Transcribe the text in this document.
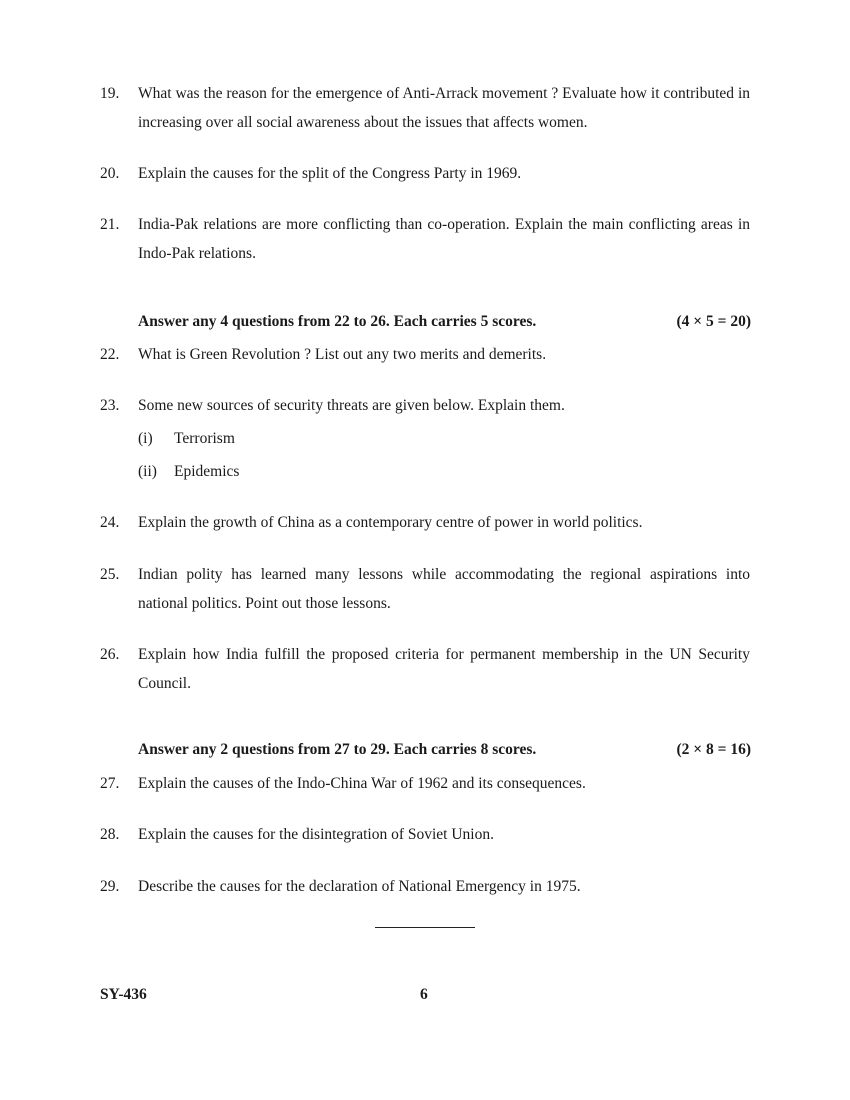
19.	What was the reason for the emergence of Anti-Arrack movement ? Evaluate how it contributed in increasing over all social awareness about the issues that affects women.
20.	Explain the causes for the split of the Congress Party in 1969.
21.	India-Pak relations are more conflicting than co-operation. Explain the main conflicting areas in Indo-Pak relations.
Answer any 4 questions from 22 to 26. Each carries 5 scores.	(4 × 5 = 20)
22.	What is Green Revolution ? List out any two merits and demerits.
23.	Some new sources of security threats are given below. Explain them.
(i) Terrorism
(ii) Epidemics
24.	Explain the growth of China as a contemporary centre of power in world politics.
25.	Indian polity has learned many lessons while accommodating the regional aspirations into national politics. Point out those lessons.
26.	Explain how India fulfill the proposed criteria for permanent membership in the UN Security Council.
Answer any 2 questions from 27 to 29. Each carries 8 scores.	(2 × 8 = 16)
27.	Explain the causes of the Indo-China War of 1962 and its consequences.
28.	Explain the causes for the disintegration of Soviet Union.
29.	Describe the causes for the declaration of National Emergency in 1975.
SY-436	6
